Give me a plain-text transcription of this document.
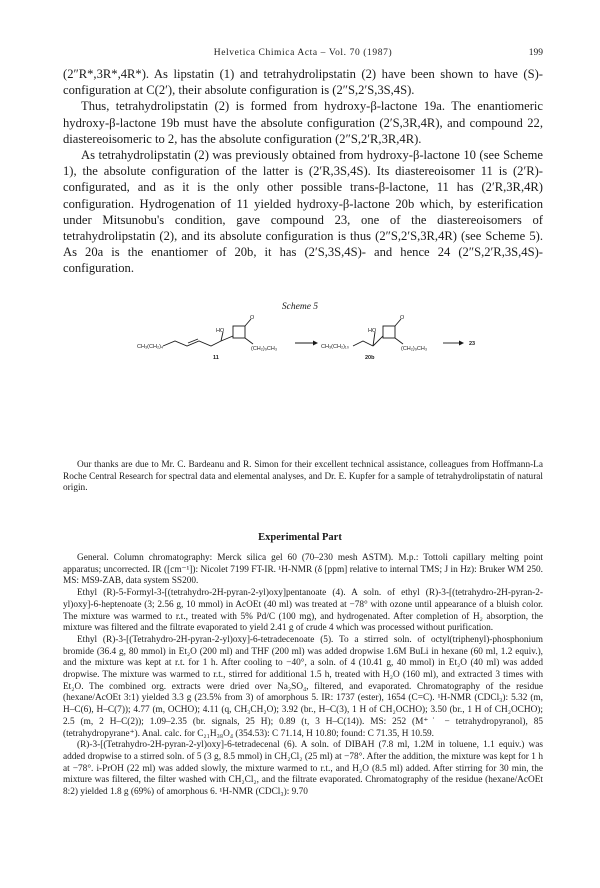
Helvetica Chimica Acta – Vol. 70 (1987)	199

(2″R*,3R*,4R*). As lipstatin (1) and tetrahydrolipstatin (2) have been shown to have (S)-configuration at C(2′), their absolute configuration is (2″S,2′S,3S,4S).

Thus, tetrahydrolipstatin (2) is formed from hydroxy-β-lactone 19a. The enantiomeric hydroxy-β-lactone 19b must have the absolute configuration (2′S,3R,4R), and compound 22, diastereoisomeric to 2, has the absolute configuration (2″S,2′R,3R,4R).

As tetrahydrolipstatin (2) was previously obtained from hydroxy-β-lactone 10 (see Scheme 1), the absolute configuration of the latter is (2′R,3S,4S). Its diastereoisomer 11 is (2′R)-configurated, and as it is the only other possible trans-β-lactone, 11 has (2′R,3R,4R) configuration. Hydrogenation of 11 yielded hydroxy-β-lactone 20b which, by esterification under Mitsunobu's condition, gave compound 23, one of the diastereoisomers of tetrahydrolipstatin (2), and its absolute configuration is thus (2″S,2′S,3R,4R) (see Scheme 5). As 20a is the enantiomer of 20b, it has (2′S,3S,4S)- and hence 24 (2″S,2′R,3S,4S)-configuration.

Scheme 5
CH₃(CH₂)₄
HO
O
(CH₂)₉CH₃
11
CH₃(CH₂)₁₀
HO
O
(CH₂)₉CH₃
20b
23
Our thanks are due to Mr. C. Bardeanu and R. Simon for their excellent technical assistance, colleagues from Hoffmann-La Roche Central Research for spectral data and elemental analyses, and Dr. E. Kupfer for a sample of tetrahydrolipstatin of natural origin.
Experimental Part

General. Column chromatography: Merck silica gel 60 (70–230 mesh ASTM). M.p.: Tottoli capillary melting point apparatus; uncorrected. IR ([cm⁻¹]): Nicolet 7199 FT-IR. ¹H-NMR (δ [ppm] relative to internal TMS; J in Hz): Bruker WM 250. MS: MS9-ZAB, data system SS200.

Ethyl (R)-5-Formyl-3-[(tetrahydro-2H-pyran-2-yl)oxy]pentanoate (4). A soln. of ethyl (R)-3-[(tetrahydro-2H-pyran-2-yl)oxy]-6-heptenoate (3; 2.56 g, 10 mmol) in AcOEt (40 ml) was treated at −78° with ozone until appearance of a bluish color. The mixture was warmed to r.t., treated with 5% Pd/C (100 mg), and hydrogenated. After completion of H₂ absorption, the mixture was filtered and the filtrate evaporated to yield 2.41 g of crude 4 which was processed without purification.

Ethyl (R)-3-[(Tetrahydro-2H-pyran-2-yl)oxy]-6-tetradecenoate (5). To a stirred soln. of octyl(triphenyl)-phosphonium bromide (36.4 g, 80 mmol) in Et₂O (200 ml) and THF (200 ml) was added dropwise 1.6M BuLi in hexane (60 ml, 1.2 equiv.), and the mixture was kept at r.t. for 1 h. After cooling to −40°, a soln. of 4 (10.41 g, 40 mmol) in Et₂O (40 ml) was added dropwise. The mixture was warmed to r.t., stirred for additional 1.5 h, treated with H₂O (160 ml), and extracted 3 times with Et₂O. The combined org. extracts were dried over Na₂SO₄, filtered, and evaporated. Chromatography of the residue (hexane/AcOEt 3:1) yielded 3.3 g (23.5% from 3) of amorphous 5. IR: 1737 (ester), 1654 (C=C). ¹H-NMR (CDCl₃): 5.32 (m, H–C(6), H–C(7)); 4.77 (m, OCHO); 4.11 (q, CH₃CH₂O); 3.92 (br., H–C(3), 1 H of CH₂OCHO); 3.50 (br., 1 H of CH₂OCHO); 2.5 (m, 2 H–C(2)); 1.09–2.35 (br. signals, 25 H); 0.89 (t, 3 H–C(14)). MS: 252 (M⁺˙ − tetrahydropyranol), 85 (tetrahydropyrane⁺). Anal. calc. for C₂₁H₃₈O₄ (354.53): C 71.14, H 10.80; found: C 71.35, H 10.59.

(R)-3-[(Tetrahydro-2H-pyran-2-yl)oxy]-6-tetradecenal (6). A soln. of DIBAH (7.8 ml, 1.2M in toluene, 1.1 equiv.) was added dropwise to a stirred soln. of 5 (3 g, 8.5 mmol) in CH₂Cl₂ (25 ml) at −78°. After the addition, the mixture was kept for 1 h at −78°. i-PrOH (22 ml) was added slowly, the mixture warmed to r.t., and H₂O (8.5 ml) added. After stirring for 30 min, the mixture was filtered, the filter washed with CH₂Cl₂, and the filtrate evaporated. Chromatography of the residue (hexane/AcOEt 8:2) yielded 1.8 g (69%) of amorphous 6. ¹H-NMR (CDCl₃): 9.70
